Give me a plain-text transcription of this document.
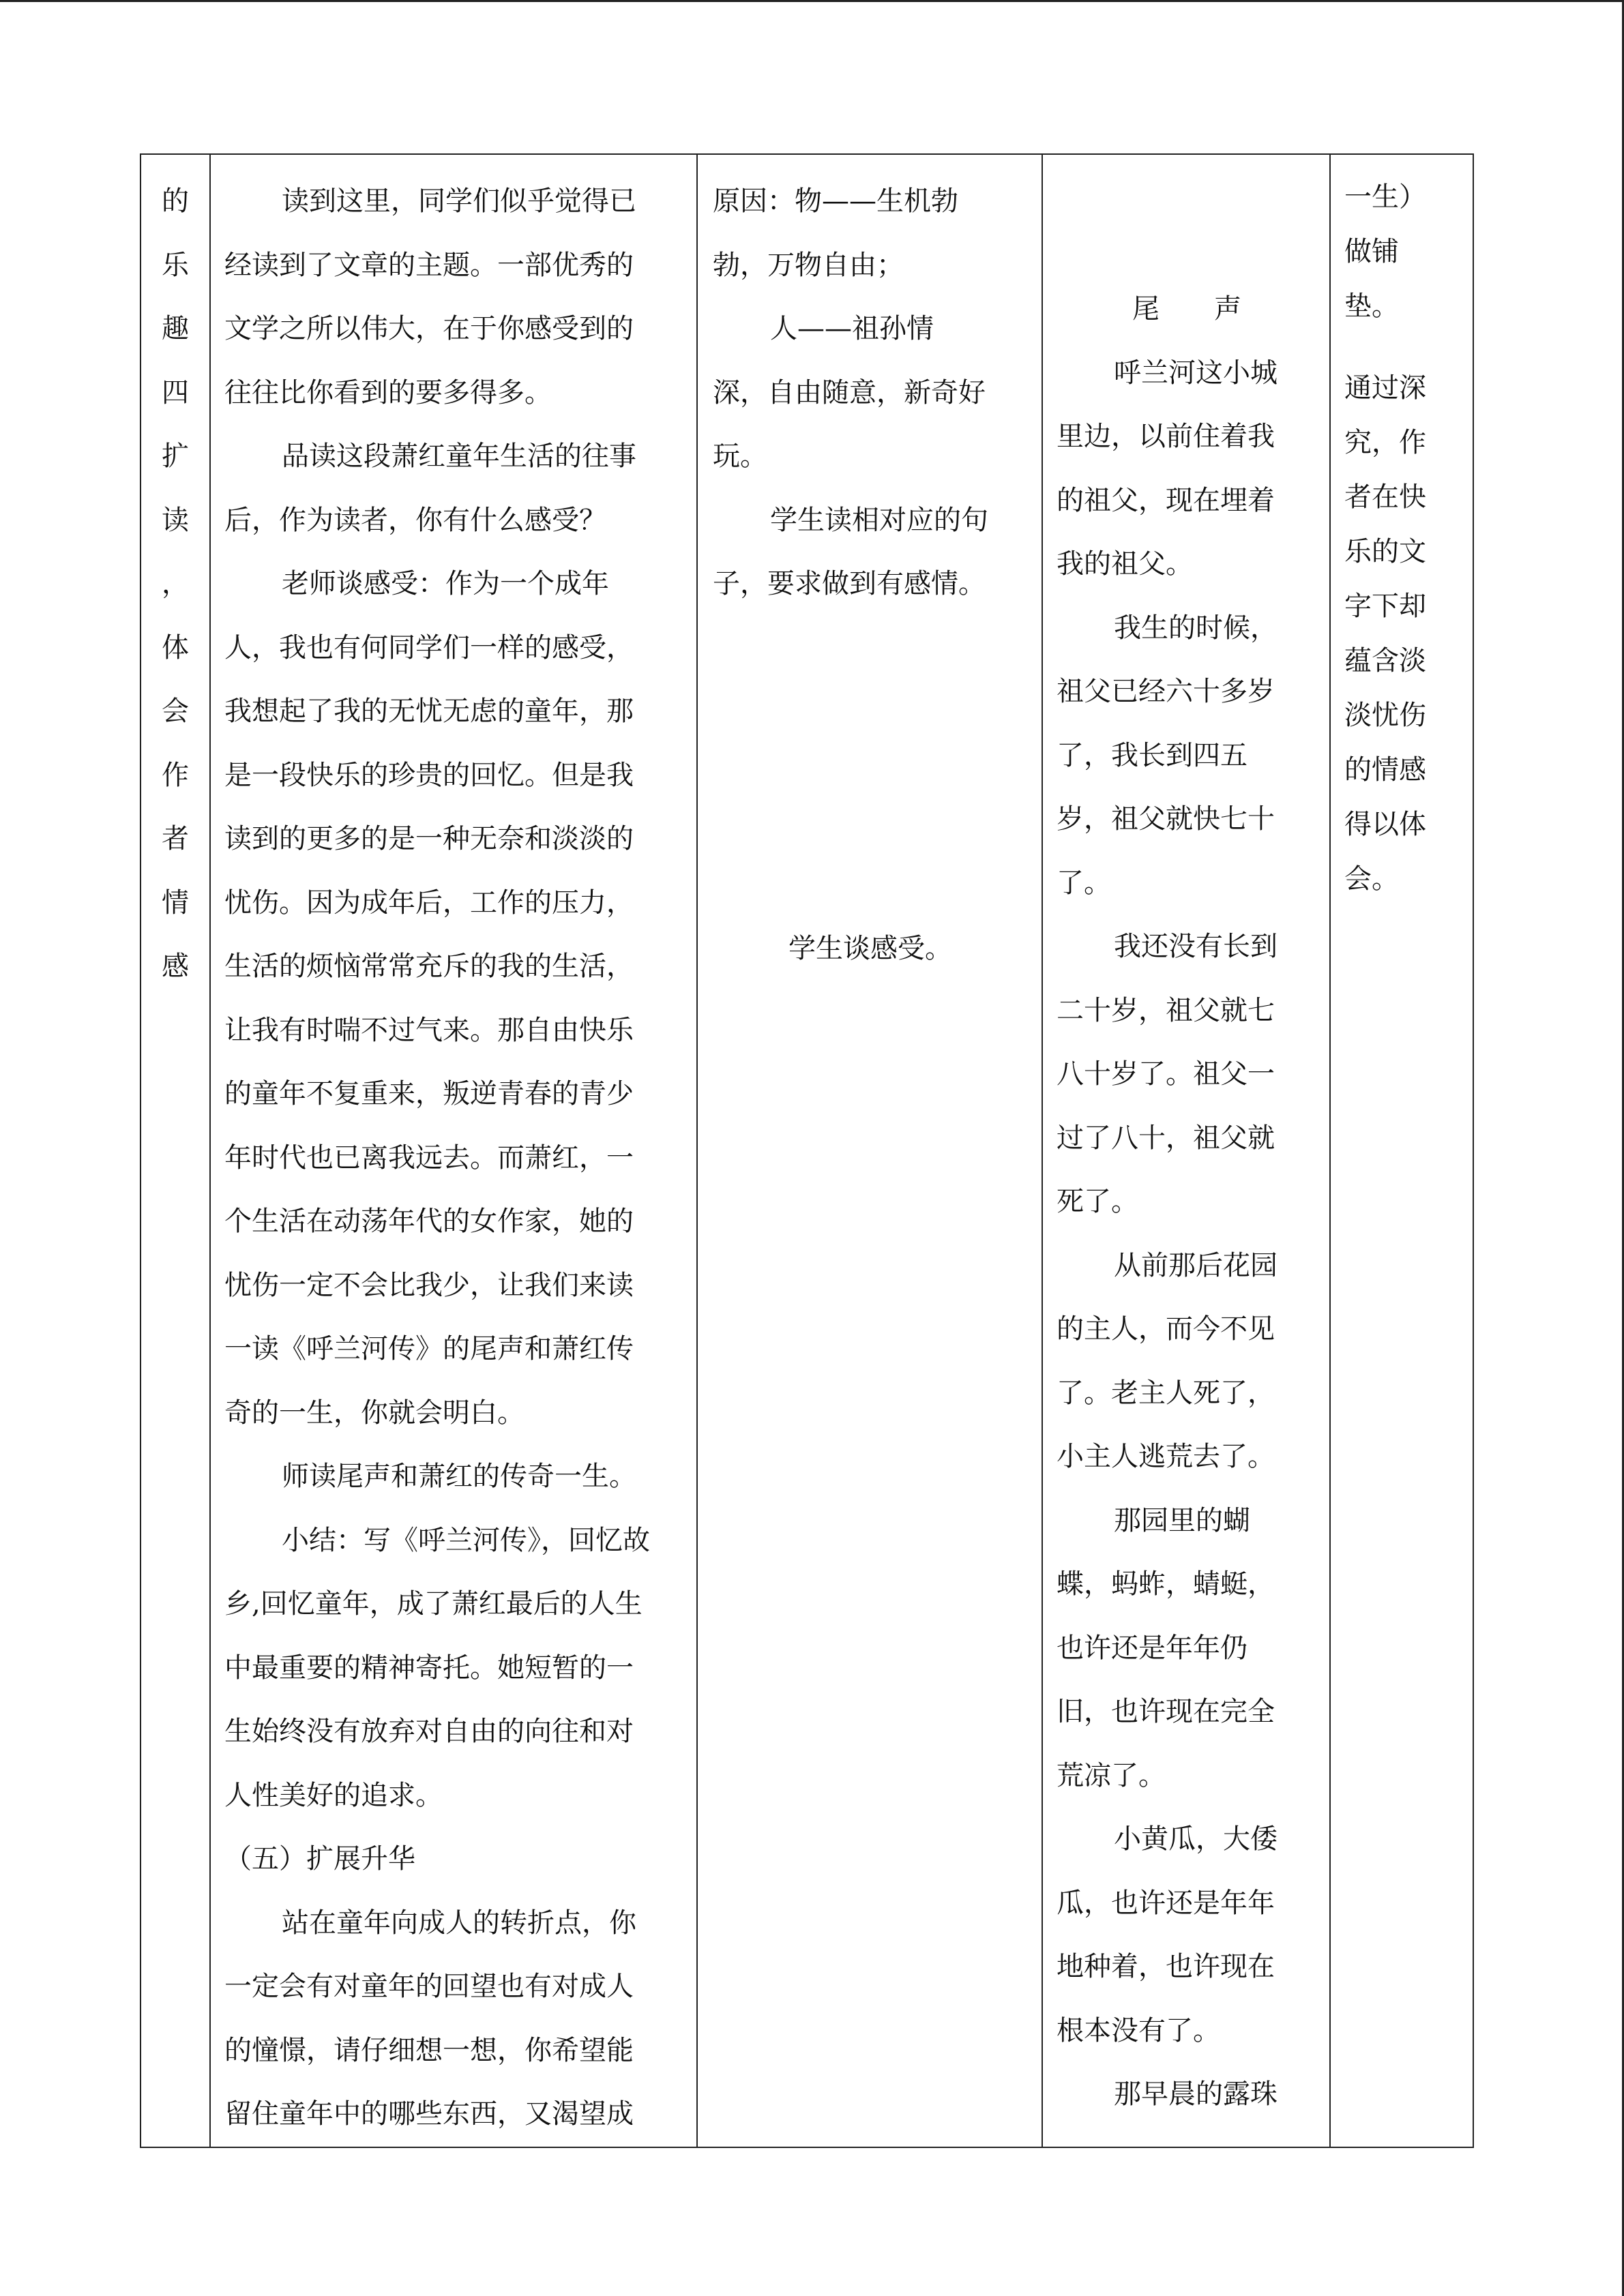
的
乐
趣
四
扩
读
，
体
会
作
者
情
感

读到这里，同学们似乎觉得已
经读到了文章的主题。一部优秀的
文学之所以伟大，在于你感受到的
往往比你看到的要多得多。
品读这段萧红童年生活的往事
后，作为读者，你有什么感受？
老师谈感受：作为一个成年
人，我也有何同学们一样的感受，
我想起了我的无忧无虑的童年，那
是一段快乐的珍贵的回忆。但是我
读到的更多的是一种无奈和淡淡的
忧伤。因为成年后，工作的压力，
生活的烦恼常常充斥的我的生活，
让我有时喘不过气来。那自由快乐
的童年不复重来，叛逆青春的青少
年时代也已离我远去。而萧红，一
个生活在动荡年代的女作家，她的
忧伤一定不会比我少，让我们来读
一读《呼兰河传》的尾声和萧红传
奇的一生，你就会明白。
师读尾声和萧红的传奇一生。
小结：写《呼兰河传》，回忆故
乡,回忆童年，成了萧红最后的人生
中最重要的精神寄托。她短暂的一
生始终没有放弃对自由的向往和对
人性美好的追求。
（五）扩展升华
站在童年向成人的转折点，你
一定会有对童年的回望也有对成人
的憧憬，请仔细想一想，你希望能
留住童年中的哪些东西，又渴望成

原因：物——生机勃
勃，万物自由；
人——祖孙情
深，自由随意，新奇好
玩。
学生读相对应的句
子，要求做到有感情。
学生谈感受。

尾　　声
呼兰河这小城
里边，以前住着我
的祖父，现在埋着
我的祖父。
我生的时候，
祖父已经六十多岁
了，我长到四五
岁，祖父就快七十
了。
我还没有长到
二十岁，祖父就七
八十岁了。祖父一
过了八十，祖父就
死了。
从前那后花园
的主人，而今不见
了。老主人死了，
小主人逃荒去了。
那园里的蝴
蝶，蚂蚱，蜻蜓，
也许还是年年仍
旧，也许现在完全
荒凉了。
小黄瓜，大倭
瓜，也许还是年年
地种着，也许现在
根本没有了。
那早晨的露珠

一生）
做铺
垫。
通过深
究，作
者在快
乐的文
字下却
蕴含淡
淡忧伤
的情感
得以体
会。
